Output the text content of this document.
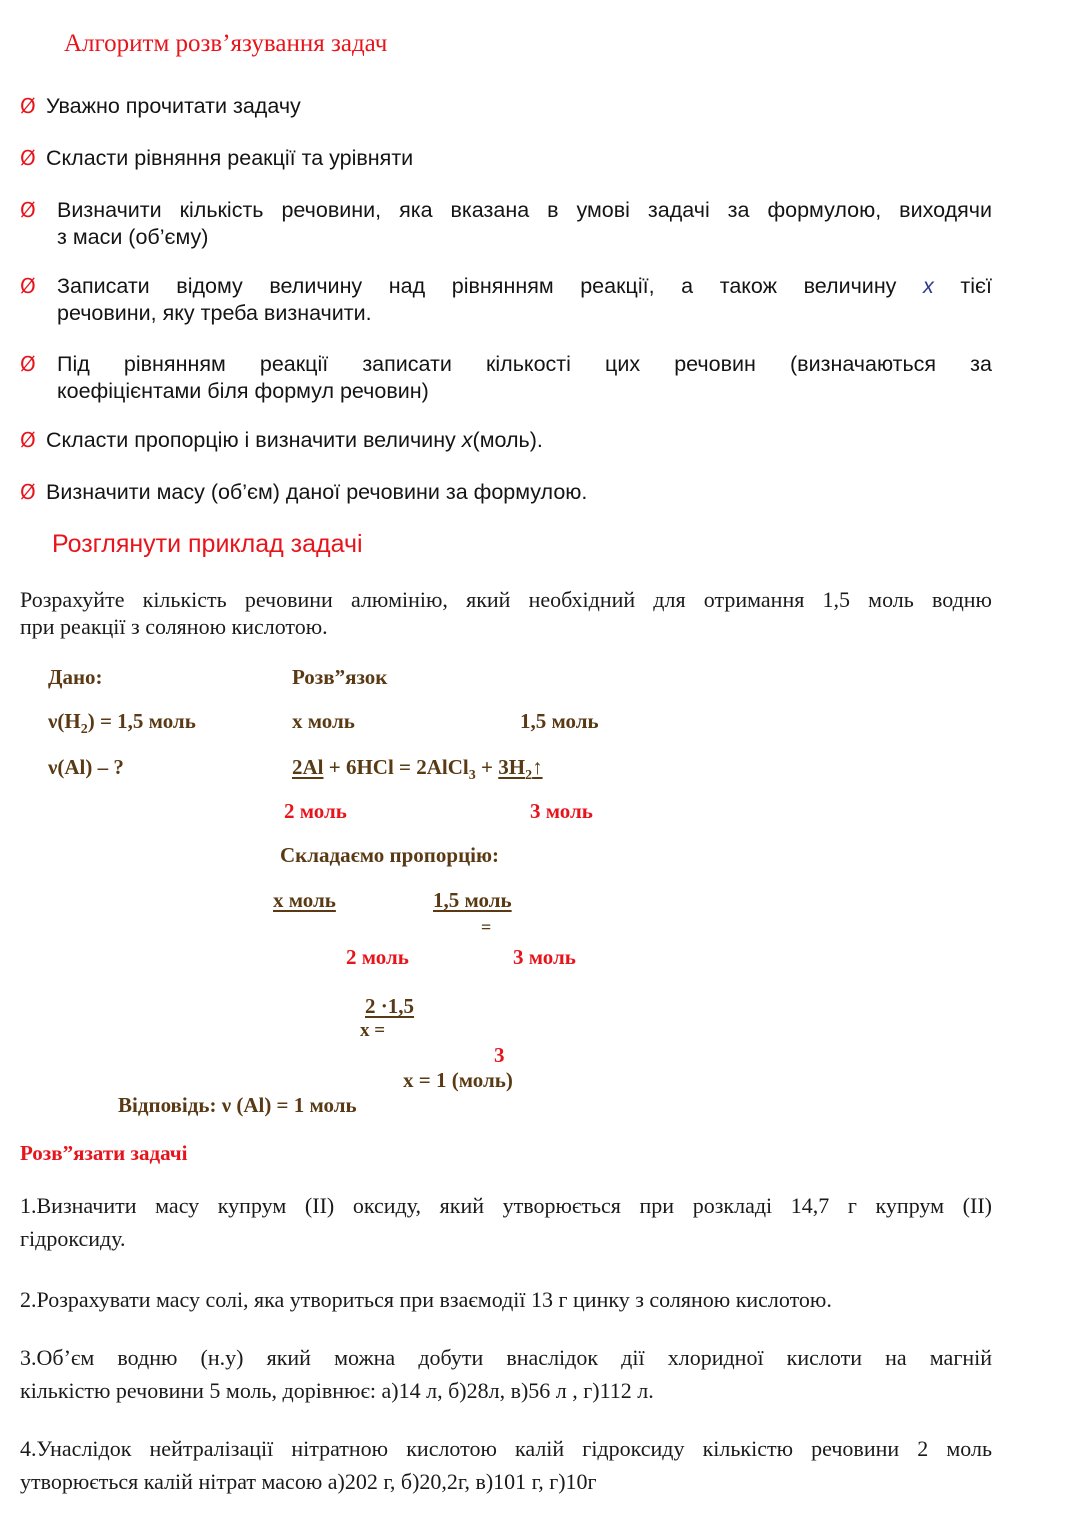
Алгоритм розв’язування задач
Ø Уважно прочитати задачу
Ø Скласти рівняння реакції та урівняти
Ø Визначити кількість речовини, яка вказана в умові задачі за формулою, виходячи
з маси (об’єму)
Ø Записати відому величину над рівнянням реакції, а також величину x тієї
речовини, яку треба визначити.
Ø Під рівнянням реакції записати кількості цих речовин (визначаються за
коефіцієнтами біля формул речовин)
Ø Скласти пропорцію і визначити величину x(моль).
Ø Визначити масу (об’єм) даної речовини за формулою.
Розглянути приклад задачі
Розрахуйте кількість речовини алюмінію, який необхідний для отримання 1,5 моль водню
при реакції з соляною кислотою.
Дано:	Розв”язок
$\nu(H_2) = 1,5$ моль	х моль	1,5 моль
ν(Al) – ?	2Al + 6HCl = 2AlCl$_3$ + $3H_2↑$
2 моль	3 моль
Складаємо пропорцію:
х моль	1,5 моль
=
2 моль	3 моль
2 ·1,5
x =
3
x = 1 (моль)
Відповідь: ν (Al) = 1 моль
Розв”язати задачі
1.Визначити масу купрум (ІІ) оксиду, який утворюється при розкладі 14,7 г купрум (ІІ)
гідроксиду.
2.Розрахувати масу солі, яка утвориться при взаємодії 13 г цинку з соляною кислотою.
3.Об’єм водню (н.у) який можна добути внаслідок дії хлоридної кислоти на магній
кількістю речовини 5 моль, дорівнює: а)14 л, б)28л, в)56 л , г)112 л.
4.Унаслідок нейтралізації нітратною кислотою калій гідроксиду кількістю речовини 2 моль
утворюється калій нітрат масою а)202 г, б)20,2г, в)101 г, г)10г
